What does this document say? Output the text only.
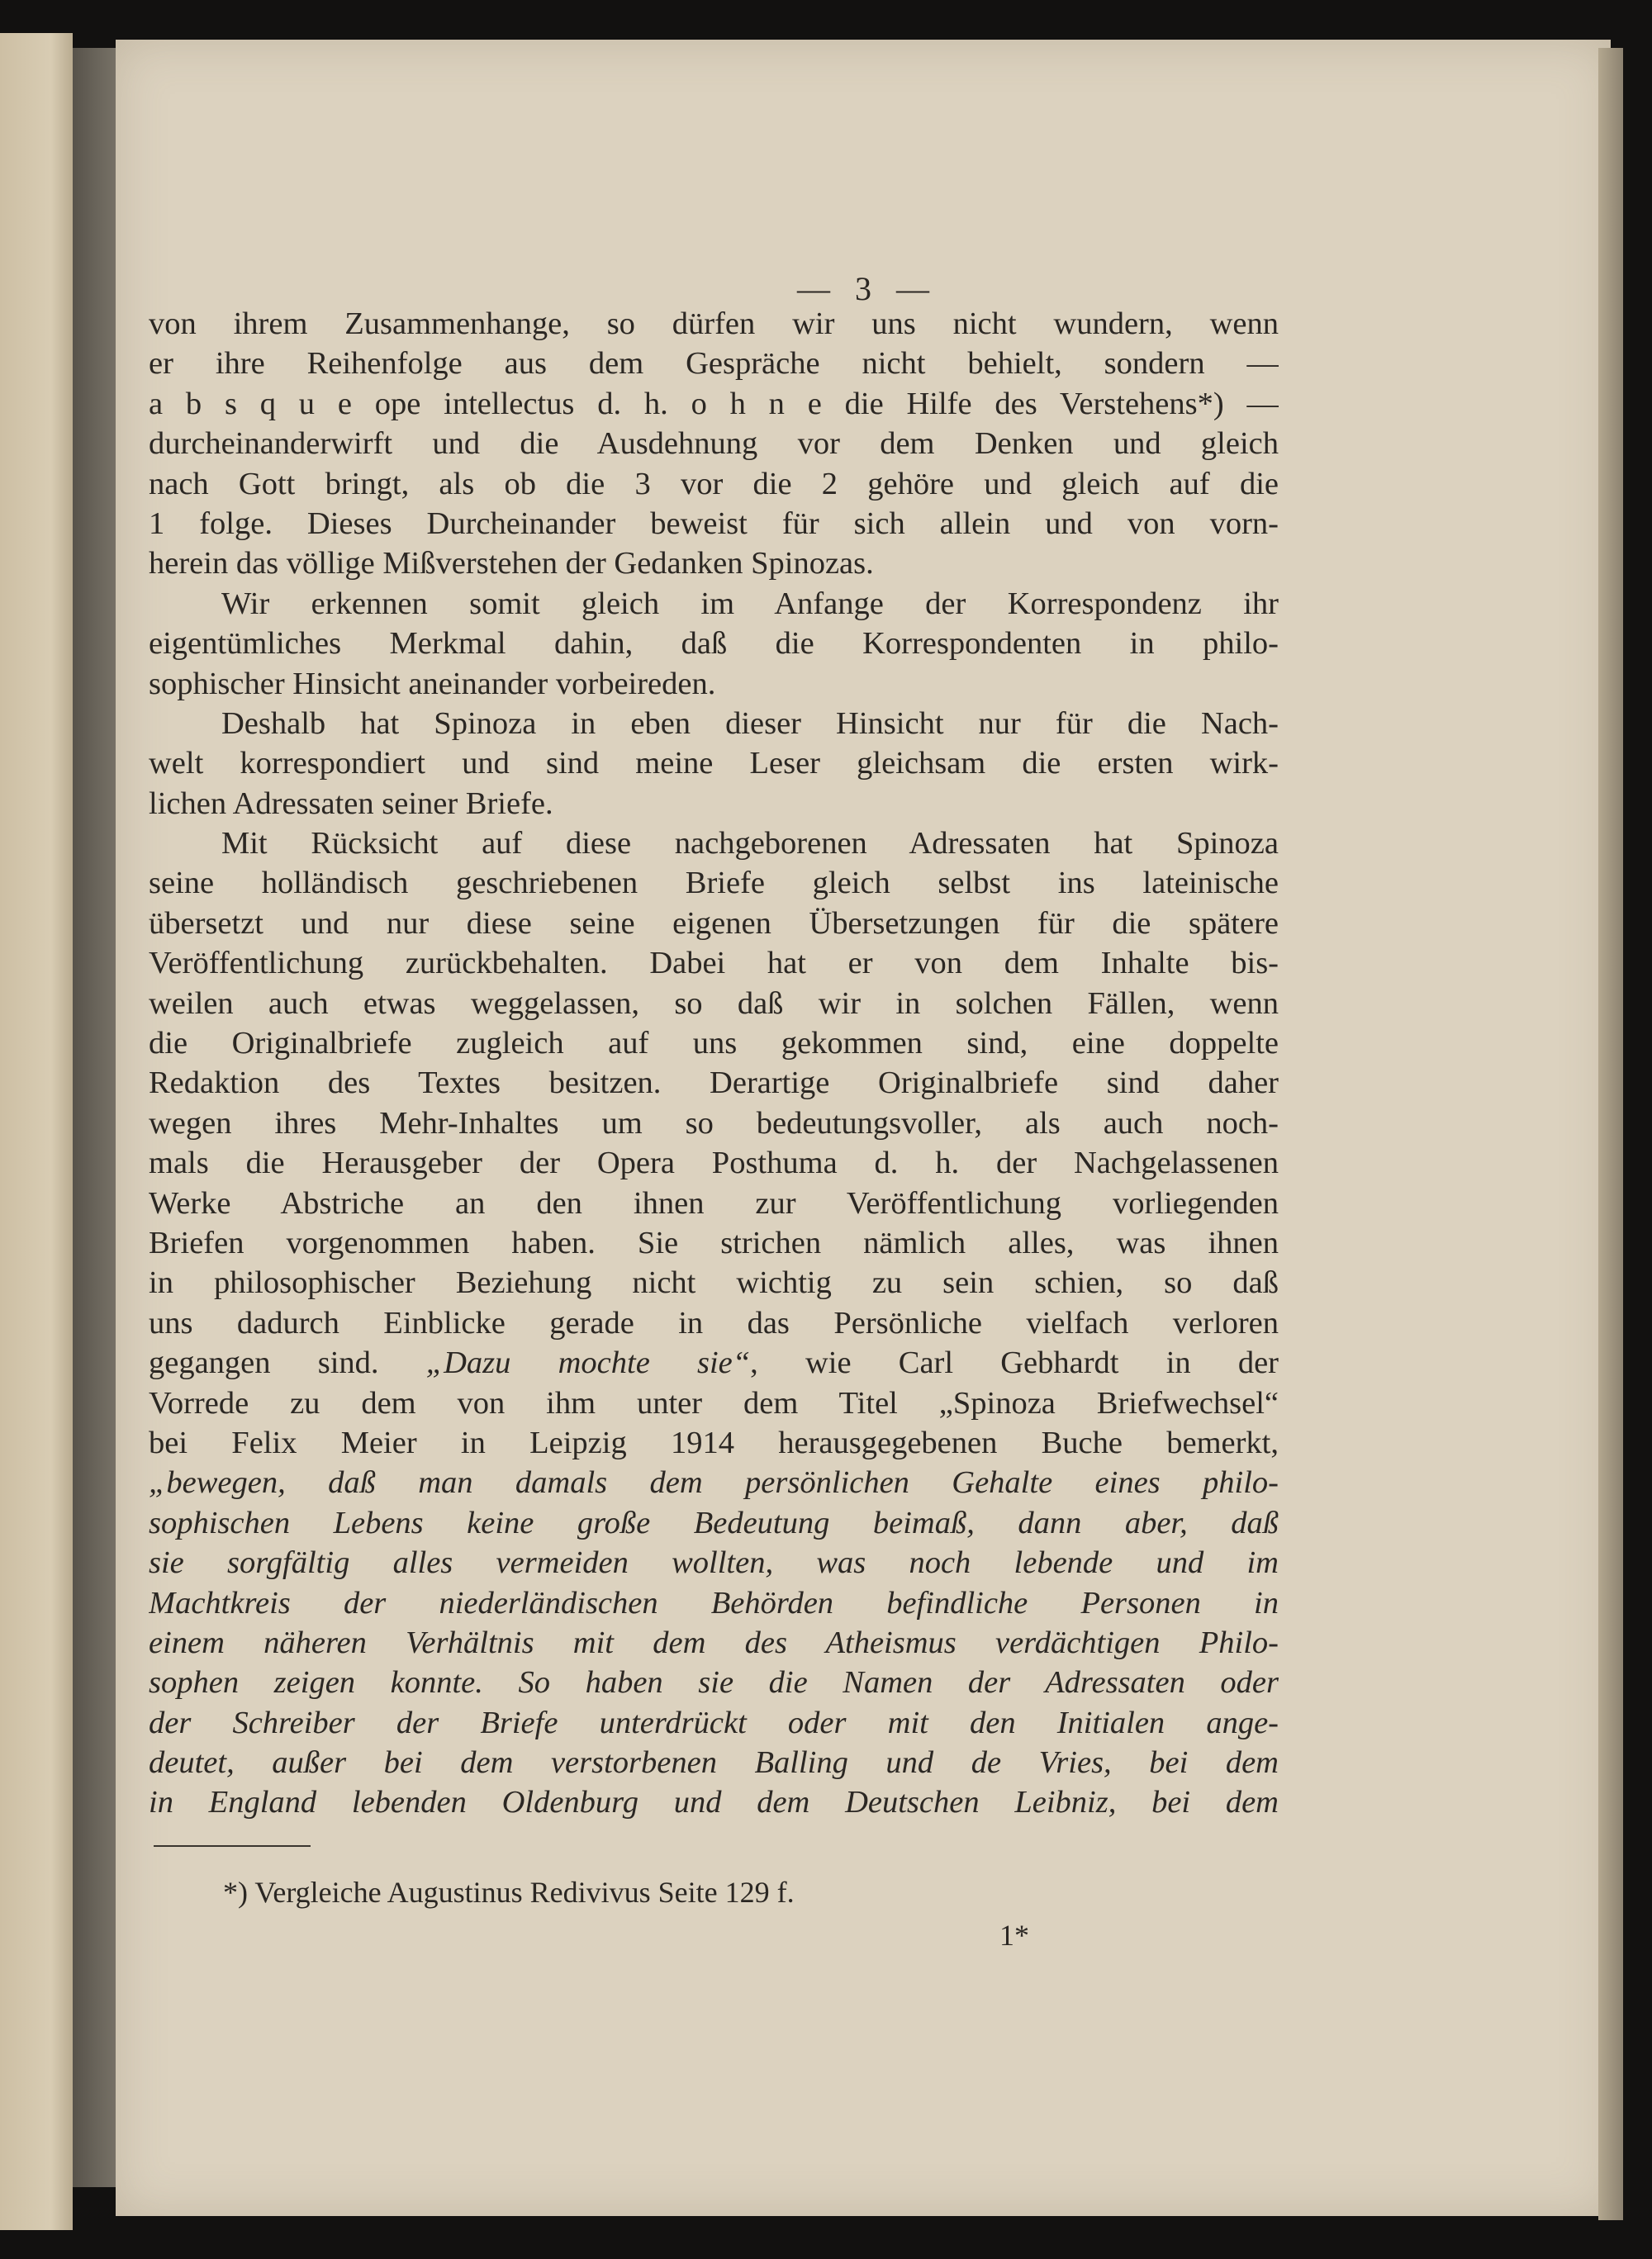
— 3 —
von ihrem Zusammenhange, so dürfen wir uns nicht wundern, wenn
er ihre Reihenfolge aus dem Gespräche nicht behielt, sondern —
a b s q u e ope intellectus d. h. o h n e die Hilfe des Verstehens*) —
durcheinanderwirft und die Ausdehnung vor dem Denken und gleich
nach Gott bringt, als ob die 3 vor die 2 gehöre und gleich auf die
1 folge. Dieses Durcheinander beweist für sich allein und von vorn-
herein das völlige Mißverstehen der Gedanken Spinozas.
Wir erkennen somit gleich im Anfange der Korrespondenz ihr
eigentümliches Merkmal dahin, daß die Korrespondenten in philo-
sophischer Hinsicht aneinander vorbeireden.
Deshalb hat Spinoza in eben dieser Hinsicht nur für die Nach-
welt korrespondiert und sind meine Leser gleichsam die ersten wirk-
lichen Adressaten seiner Briefe.
Mit Rücksicht auf diese nachgeborenen Adressaten hat Spinoza
seine holländisch geschriebenen Briefe gleich selbst ins lateinische
übersetzt und nur diese seine eigenen Übersetzungen für die spätere
Veröffentlichung zurückbehalten. Dabei hat er von dem Inhalte bis-
weilen auch etwas weggelassen, so daß wir in solchen Fällen, wenn
die Originalbriefe zugleich auf uns gekommen sind, eine doppelte
Redaktion des Textes besitzen. Derartige Originalbriefe sind daher
wegen ihres Mehr-Inhaltes um so bedeutungsvoller, als auch noch-
mals die Herausgeber der Opera Posthuma d. h. der Nachgelassenen
Werke Abstriche an den ihnen zur Veröffentlichung vorliegenden
Briefen vorgenommen haben. Sie strichen nämlich alles, was ihnen
in philosophischer Beziehung nicht wichtig zu sein schien, so daß
uns dadurch Einblicke gerade in das Persönliche vielfach verloren
gegangen sind. „Dazu mochte sie“, wie Carl Gebhardt in der
Vorrede zu dem von ihm unter dem Titel „Spinoza Briefwechsel“
bei Felix Meier in Leipzig 1914 herausgegebenen Buche bemerkt,
„bewegen, daß man damals dem persönlichen Gehalte eines philo-
sophischen Lebens keine große Bedeutung beimaß, dann aber, daß
sie sorgfältig alles vermeiden wollten, was noch lebende und im
Machtkreis der niederländischen Behörden befindliche Personen in
einem näheren Verhältnis mit dem des Atheismus verdächtigen Philo-
sophen zeigen konnte. So haben sie die Namen der Adressaten oder
der Schreiber der Briefe unterdrückt oder mit den Initialen ange-
deutet, außer bei dem verstorbenen Balling und de Vries, bei dem
in England lebenden Oldenburg und dem Deutschen Leibniz, bei dem
*) Vergleiche Augustinus Redivivus Seite 129 f.
1*
